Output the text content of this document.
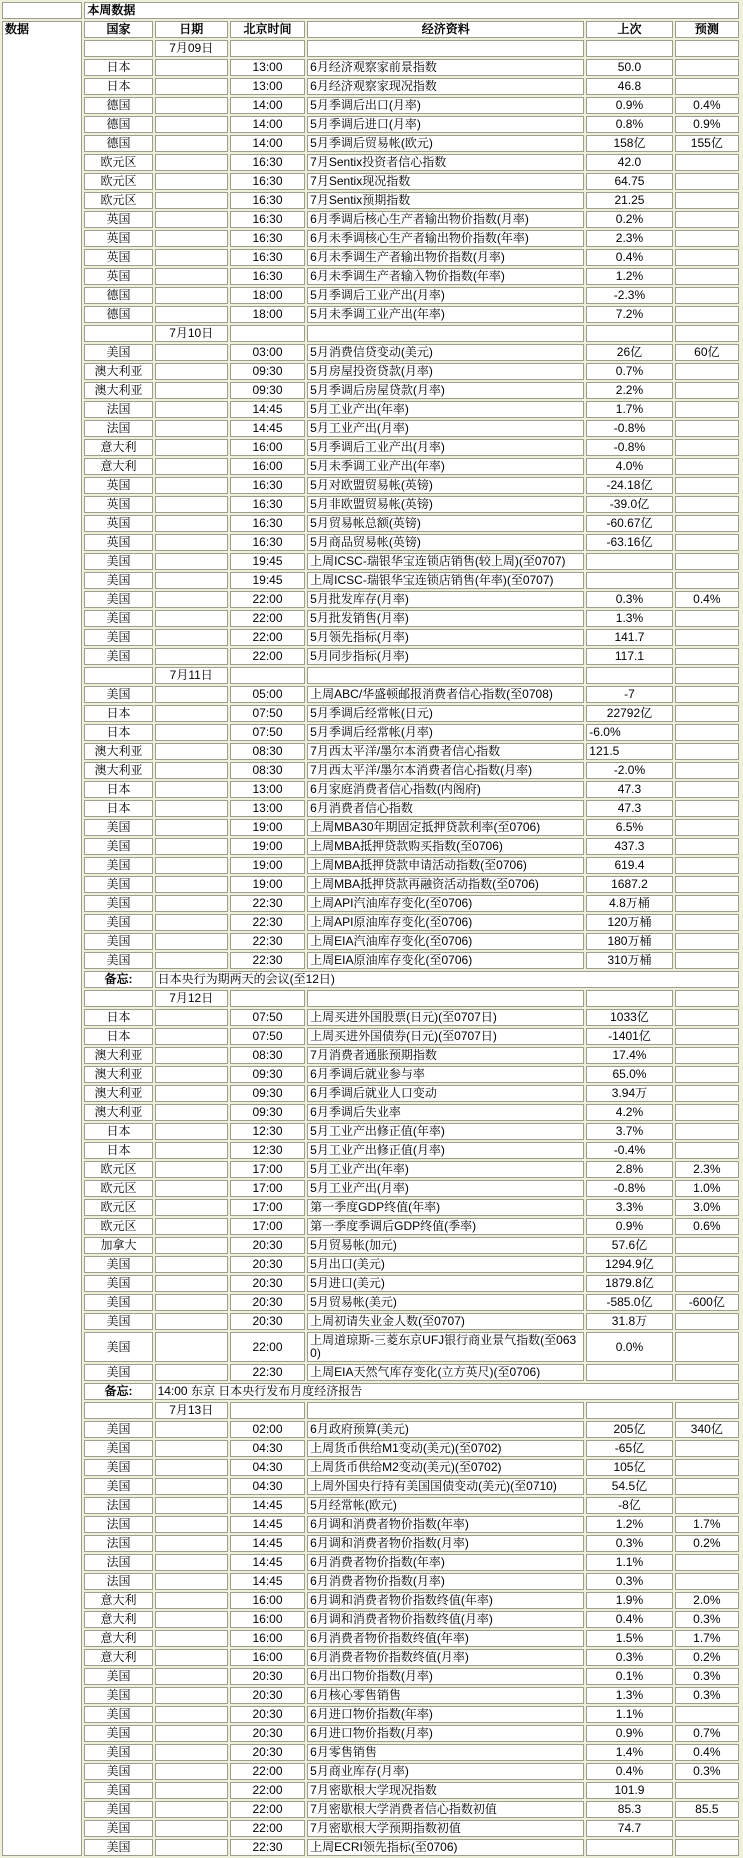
	本周数据					
数据	国家	日期	北京时间	经济资料	上次	预测
		7月09日				
	日本		13:00	6月经济观察家前景指数	50.0	
	日本		13:00	6月经济观察家现况指数	46.8	
	德国		14:00	5月季调后出口(月率)	0.9%	0.4%
	德国		14:00	5月季调后进口(月率)	0.8%	0.9%
	德国		14:00	5月季调后贸易帐(欧元)	158亿	155亿
	欧元区		16:30	7月Sentix投资者信心指数	42.0	
	欧元区		16:30	7月Sentix现况指数	64.75	
	欧元区		16:30	7月Sentix预期指数	21.25	
	英国		16:30	6月季调后核心生产者输出物价指数(月率)	0.2%	
	英国		16:30	6月未季调核心生产者输出物价指数(年率)	2.3%	
	英国		16:30	6月未季调生产者输出物价指数(月率)	0.4%	
	英国		16:30	6月未季调生产者输入物价指数(年率)	1.2%	
	德国		18:00	5月季调后工业产出(月率)	-2.3%	
	德国		18:00	5月未季调工业产出(年率)	7.2%	
		7月10日				
	美国		03:00	5月消费信贷变动(美元)	26亿	60亿
	澳大利亚		09:30	5月房屋投资贷款(月率)	0.7%	
	澳大利亚		09:30	5月季调后房屋贷款(月率)	2.2%	
	法国		14:45	5月工业产出(年率)	1.7%	
	法国		14:45	5月工业产出(月率)	-0.8%	
	意大利		16:00	5月季调后工业产出(月率)	-0.8%	
	意大利		16:00	5月未季调工业产出(年率)	4.0%	
	英国		16:30	5月对欧盟贸易帐(英镑)	-24.18亿	
	英国		16:30	5月非欧盟贸易帐(英镑)	-39.0亿	
	英国		16:30	5月贸易帐总额(英镑)	-60.67亿	
	英国		16:30	5月商品贸易帐(英镑)	-63.16亿	
	美国		19:45	上周ICSC-瑞银华宝连锁店销售(较上周)(至0707)		
	美国		19:45	上周ICSC-瑞银华宝连锁店销售(年率)(至0707)		
	美国		22:00	5月批发库存(月率)	0.3%	0.4%
	美国		22:00	5月批发销售(月率)	1.3%	
	美国		22:00	5月领先指标(月率)	141.7	
	美国		22:00	5月同步指标(月率)	117.1	
		7月11日				
	美国		05:00	上周ABC/华盛顿邮报消费者信心指数(至0708)	-7	
	日本		07:50	5月季调后经常帐(日元)	22792亿	
	日本		07:50	5月季调后经常帐(月率)	-6.0%	
	澳大利亚		08:30	7月西太平洋/墨尔本消费者信心指数	121.5	
	澳大利亚		08:30	7月西太平洋/墨尔本消费者信心指数(月率)	-2.0%	
	日本		13:00	6月家庭消费者信心指数(内阁府)	47.3	
	日本		13:00	6月消费者信心指数	47.3	
	美国		19:00	上周MBA30年期固定抵押贷款利率(至0706)	6.5%	
	美国		19:00	上周MBA抵押贷款购买指数(至0706)	437.3	
	美国		19:00	上周MBA抵押贷款申请活动指数(至0706)	619.4	
	美国		19:00	上周MBA抵押贷款再融资活动指数(至0706)	1687.2	
	美国		22:30	上周API汽油库存变化(至0706)	4.8万桶	
	美国		22:30	上周API原油库存变化(至0706)	120万桶	
	美国		22:30	上周EIA汽油库存变化(至0706)	180万桶	
	美国		22:30	上周EIA原油库存变化(至0706)	310万桶	
	备忘:	日本央行为期两天的会议(至12日)				
		7月12日				
	日本		07:50	上周买进外国股票(日元)(至0707日)	1033亿	
	日本		07:50	上周买进外国债券(日元)(至0707日)	-1401亿	
	澳大利亚		08:30	7月消费者通胀预期指数	17.4%	
	澳大利亚		09:30	6月季调后就业参与率	65.0%	
	澳大利亚		09:30	6月季调后就业人口变动	3.94万	
	澳大利亚		09:30	6月季调后失业率	4.2%	
	日本		12:30	5月工业产出修正值(年率)	3.7%	
	日本		12:30	5月工业产出修正值(月率)	-0.4%	
	欧元区		17:00	5月工业产出(年率)	2.8%	2.3%
	欧元区		17:00	5月工业产出(月率)	-0.8%	1.0%
	欧元区		17:00	第一季度GDP终值(年率)	3.3%	3.0%
	欧元区		17:00	第一季度季调后GDP终值(季率)	0.9%	0.6%
	加拿大		20:30	5月贸易帐(加元)	57.6亿	
	美国		20:30	5月出口(美元)	1294.9亿	
	美国		20:30	5月进口(美元)	1879.8亿	
	美国		20:30	5月贸易帐(美元)	-585.0亿	-600亿
	美国		20:30	上周初请失业金人数(至0707)	31.8万	
	美国		22:00	上周道琼斯-三菱东京UFJ银行商业景气指数(至0630)	0.0%	
	美国		22:30	上周EIA天然气库存变化(立方英尺)(至0706)		
	备忘:	14:00 东京 日本央行发布月度经济报告				
		7月13日				
	美国		02:00	6月政府预算(美元)	205亿	340亿
	美国		04:30	上周货币供给M1变动(美元)(至0702)	-65亿	
	美国		04:30	上周货币供给M2变动(美元)(至0702)	105亿	
	美国		04:30	上周外国央行持有美国国债变动(美元)(至0710)	54.5亿	
	法国		14:45	5月经常帐(欧元)	-8亿	
	法国		14:45	6月调和消费者物价指数(年率)	1.2%	1.7%
	法国		14:45	6月调和消费者物价指数(月率)	0.3%	0.2%
	法国		14:45	6月消费者物价指数(年率)	1.1%	
	法国		14:45	6月消费者物价指数(月率)	0.3%	
	意大利		16:00	6月调和消费者物价指数终值(年率)	1.9%	2.0%
	意大利		16:00	6月调和消费者物价指数终值(月率)	0.4%	0.3%
	意大利		16:00	6月消费者物价指数终值(年率)	1.5%	1.7%
	意大利		16:00	6月消费者物价指数终值(月率)	0.3%	0.2%
	美国		20:30	6月出口物价指数(月率)	0.1%	0.3%
	美国		20:30	6月核心零售销售	1.3%	0.3%
	美国		20:30	6月进口物价指数(年率)	1.1%	
	美国		20:30	6月进口物价指数(月率)	0.9%	0.7%
	美国		20:30	6月零售销售	1.4%	0.4%
	美国		22:00	5月商业库存(月率)	0.4%	0.3%
	美国		22:00	7月密歇根大学现况指数	101.9	
	美国		22:00	7月密歇根大学消费者信心指数初值	85.3	85.5
	美国		22:00	7月密歇根大学预期指数初值	74.7	
	美国		22:30	上周ECRI领先指标(至0706)		
